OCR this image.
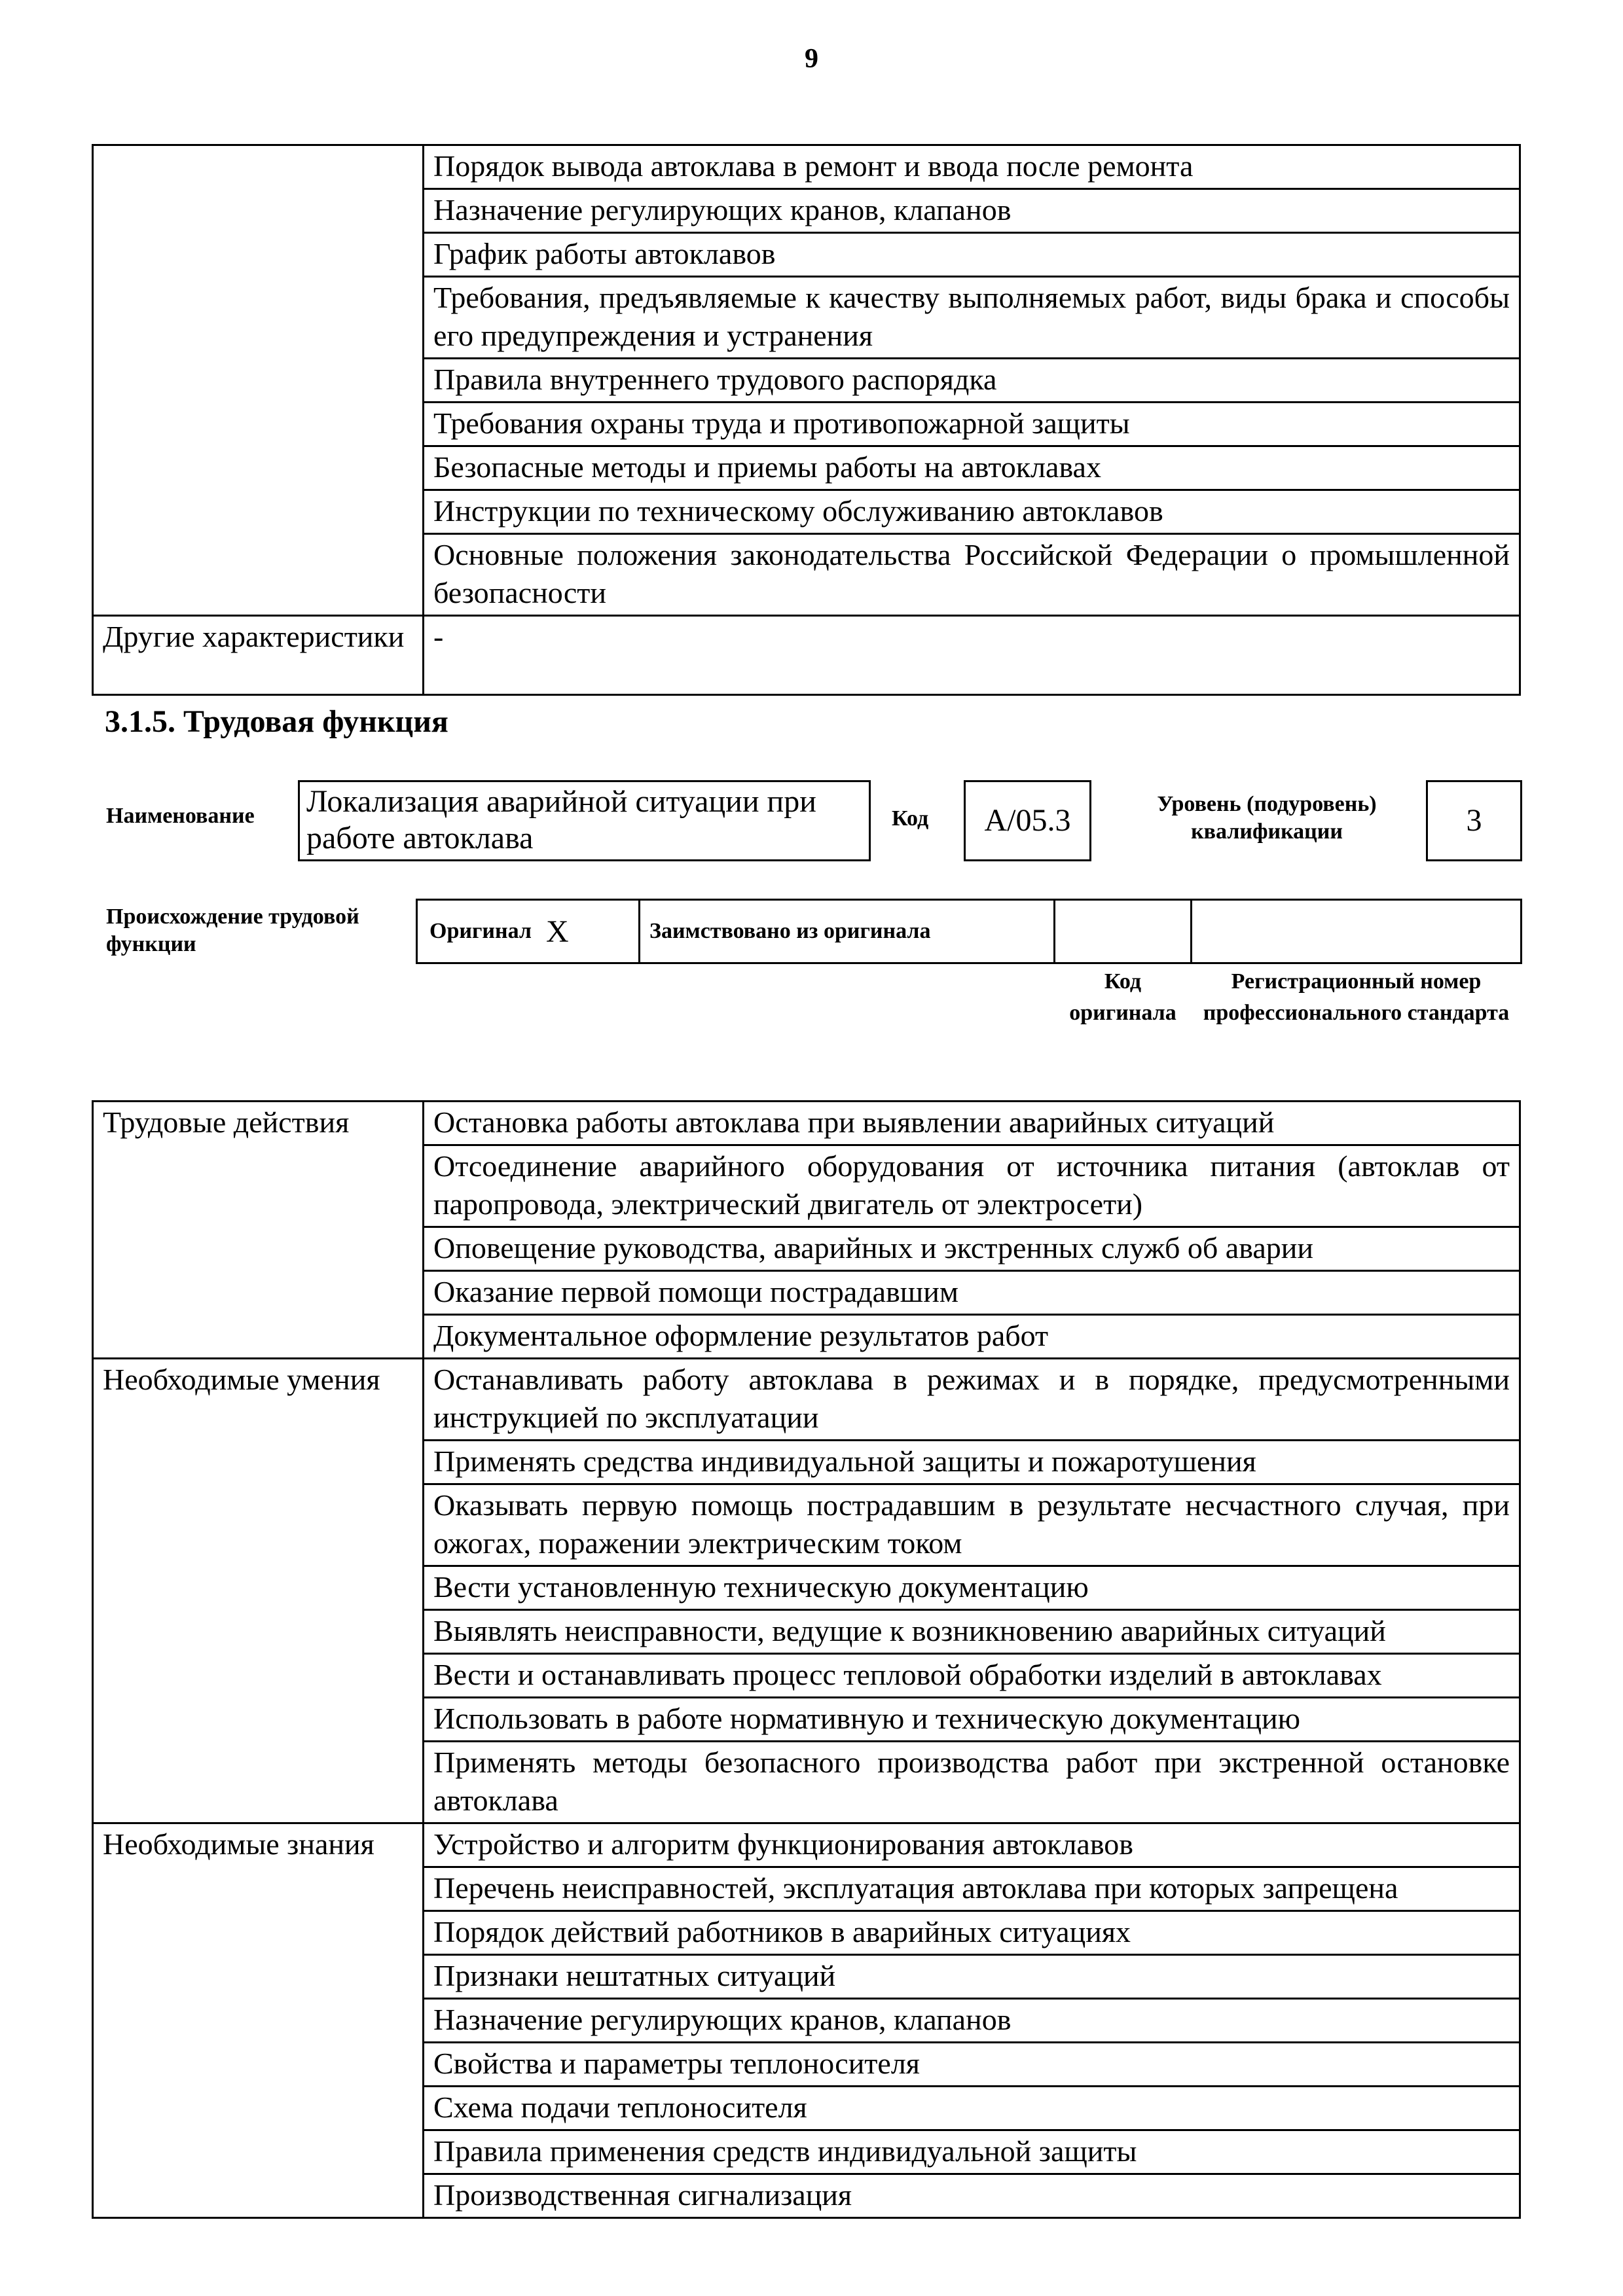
9
	Порядок вывода автоклава в ремонт и ввода после ремонта
	Назначение регулирующих кранов, клапанов
	График работы автоклавов
	Требования, предъявляемые к качеству выполняемых работ, виды брака и способы его предупреждения и устранения
	Правила внутреннего трудового распорядка
	Требования охраны труда и противопожарной защиты
	Безопасные методы и приемы работы на автоклавах
	Инструкции по техническому обслуживанию автоклавов
	Основные положения законодательства Российской Федерации о промышленной безопасности
Другие характеристики	-
3.1.5. Трудовая функция
Наименование Локализация аварийной ситуации при работе автоклава
Код А/05.3	Уровень (подуровень) квалификации	3
Происхождение трудовой функции
Оригинал X	Заимствовано из оригинала
Код оригинала
Регистрационный номер профессионального стандарта
Трудовые действия	Остановка работы автоклава при выявлении аварийных ситуаций
	Отсоединение аварийного оборудования от источника питания (автоклав от паропровода, электрический двигатель от электросети)
	Оповещение руководства, аварийных и экстренных служб об аварии
	Оказание первой помощи пострадавшим
	Документальное оформление результатов работ
Необходимые умения	Останавливать работу автоклава в режимах и в порядке, предусмотренными инструкцией по эксплуатации
	Применять средства индивидуальной защиты и пожаротушения
	Оказывать первую помощь пострадавшим в результате несчастного случая, при ожогах, поражении электрическим током
	Вести установленную техническую документацию
	Выявлять неисправности, ведущие к возникновению аварийных ситуаций
	Вести и останавливать процесс тепловой обработки изделий в автоклавах
	Использовать в работе нормативную и техническую документацию
	Применять методы безопасного производства работ при экстренной остановке автоклава
Необходимые знания	Устройство и алгоритм функционирования автоклавов
	Перечень неисправностей, эксплуатация автоклава при которых запрещена
	Порядок действий работников в аварийных ситуациях
	Признаки нештатных ситуаций
	Назначение регулирующих кранов, клапанов
	Свойства и параметры теплоносителя
	Схема подачи теплоносителя
	Правила применения средств индивидуальной защиты
	Производственная сигнализация
